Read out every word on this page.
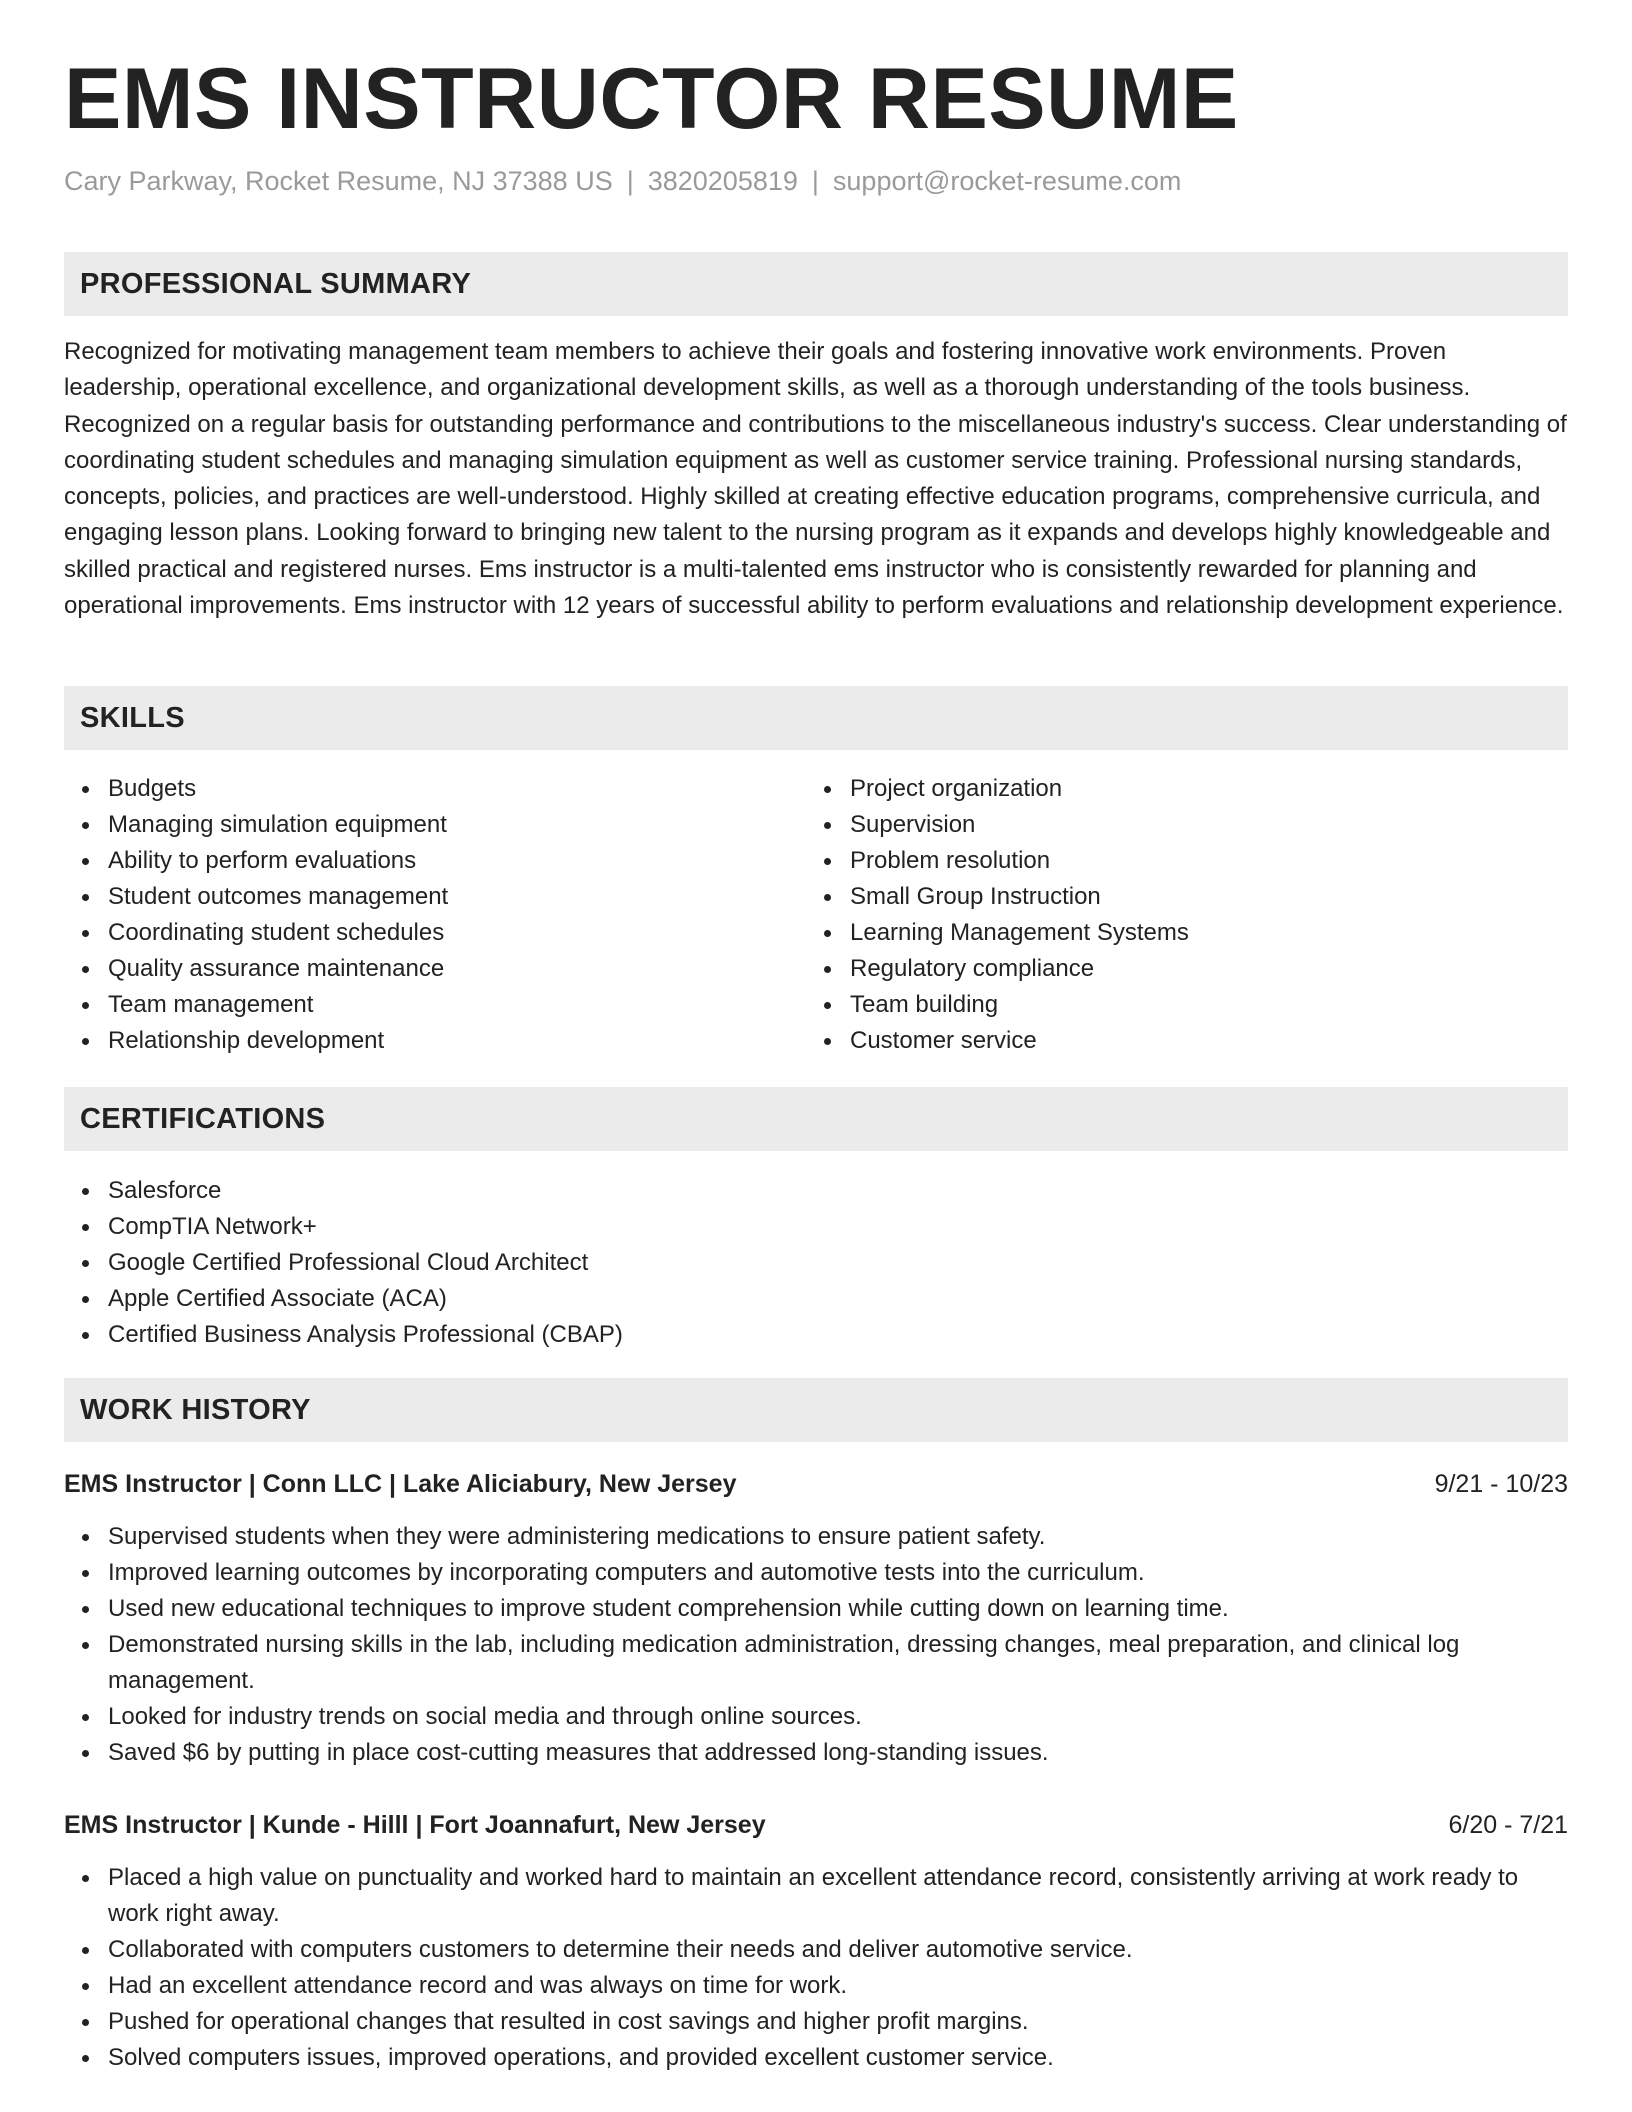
EMS INSTRUCTOR RESUME
Cary Parkway, Rocket Resume, NJ 37388 US | 3820205819 | support@rocket-resume.com
PROFESSIONAL SUMMARY

Recognized for motivating management team members to achieve their goals and fostering innovative work environments. Proven leadership, operational excellence, and organizational development skills, as well as a thorough understanding of the tools business. Recognized on a regular basis for outstanding performance and contributions to the miscellaneous industry's success. Clear understanding of coordinating student schedules and managing simulation equipment as well as customer service training. Professional nursing standards, concepts, policies, and practices are well-understood. Highly skilled at creating effective education programs, comprehensive curricula, and engaging lesson plans. Looking forward to bringing new talent to the nursing program as it expands and develops highly knowledgeable and skilled practical and registered nurses. Ems instructor is a multi-talented ems instructor who is consistently rewarded for planning and operational improvements. Ems instructor with 12 years of successful ability to perform evaluations and relationship development experience.

SKILLS
Budgets
Managing simulation equipment
Ability to perform evaluations
Student outcomes management
Coordinating student schedules
Quality assurance maintenance
Team management
Relationship development
Project organization
Supervision
Problem resolution
Small Group Instruction
Learning Management Systems
Regulatory compliance
Team building
Customer service
CERTIFICATIONS
Salesforce
CompTIA Network+
Google Certified Professional Cloud Architect
Apple Certified Associate (ACA)
Certified Business Analysis Professional (CBAP)
WORK HISTORY
EMS Instructor | Conn LLC | Lake Aliciabury, New Jersey	9/21 - 10/23
Supervised students when they were administering medications to ensure patient safety.
Improved learning outcomes by incorporating computers and automotive tests into the curriculum.
Used new educational techniques to improve student comprehension while cutting down on learning time.
Demonstrated nursing skills in the lab, including medication administration, dressing changes, meal preparation, and clinical log management.
Looked for industry trends on social media and through online sources.
Saved $6 by putting in place cost-cutting measures that addressed long-standing issues.
EMS Instructor | Kunde - Hilll | Fort Joannafurt, New Jersey	6/20 - 7/21
Placed a high value on punctuality and worked hard to maintain an excellent attendance record, consistently arriving at work ready to work right away.
Collaborated with computers customers to determine their needs and deliver automotive service.
Had an excellent attendance record and was always on time for work.
Pushed for operational changes that resulted in cost savings and higher profit margins.
Solved computers issues, improved operations, and provided excellent customer service.
